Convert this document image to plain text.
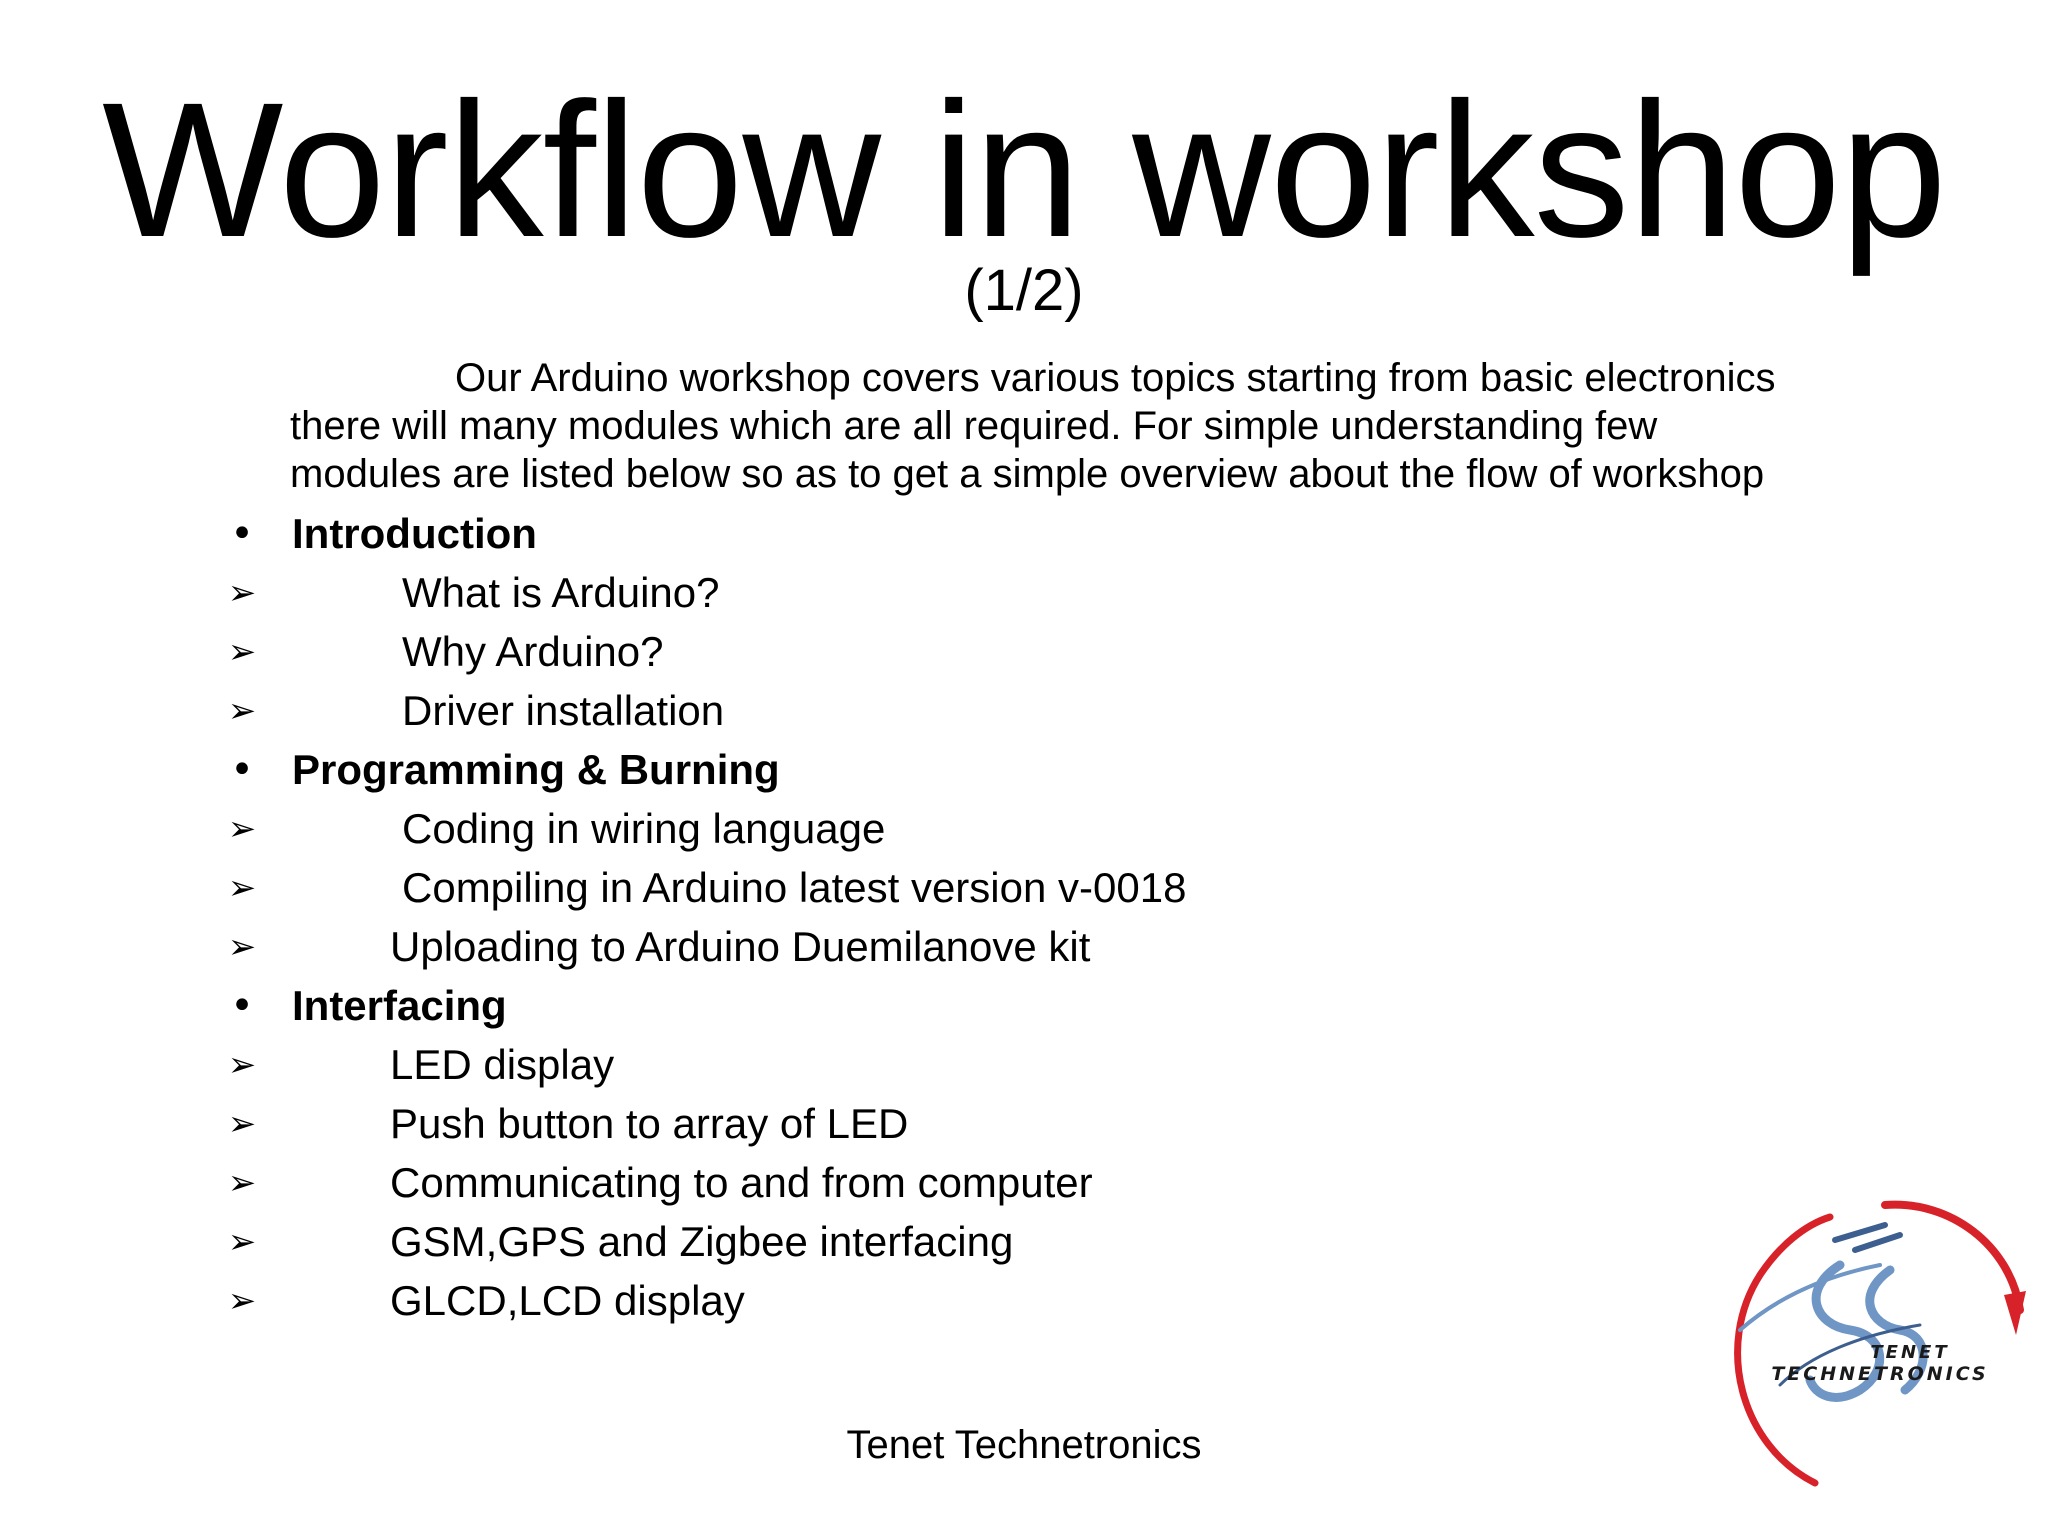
Workflow in workshop
(1/2)
Our Arduino workshop covers various topics starting from basic electronics
there will many modules which are all required. For simple understanding few
modules are listed below so as to get a simple overview about the flow of workshop
• Introduction
➢	What is Arduino?
➢	Why Arduino?
➢	Driver installation
• Programming & Burning
➢	Coding in wiring language
➢	Compiling in Arduino latest version v-0018
➢	Uploading to Arduino Duemilanove kit
• Interfacing
➢	LED display
➢	Push button to array of LED
➢	Communicating to and from computer
➢	GSM,GPS and Zigbee interfacing
➢	GLCD,LCD display
Tenet Technetronics
TENET
TECHNETRONICS
